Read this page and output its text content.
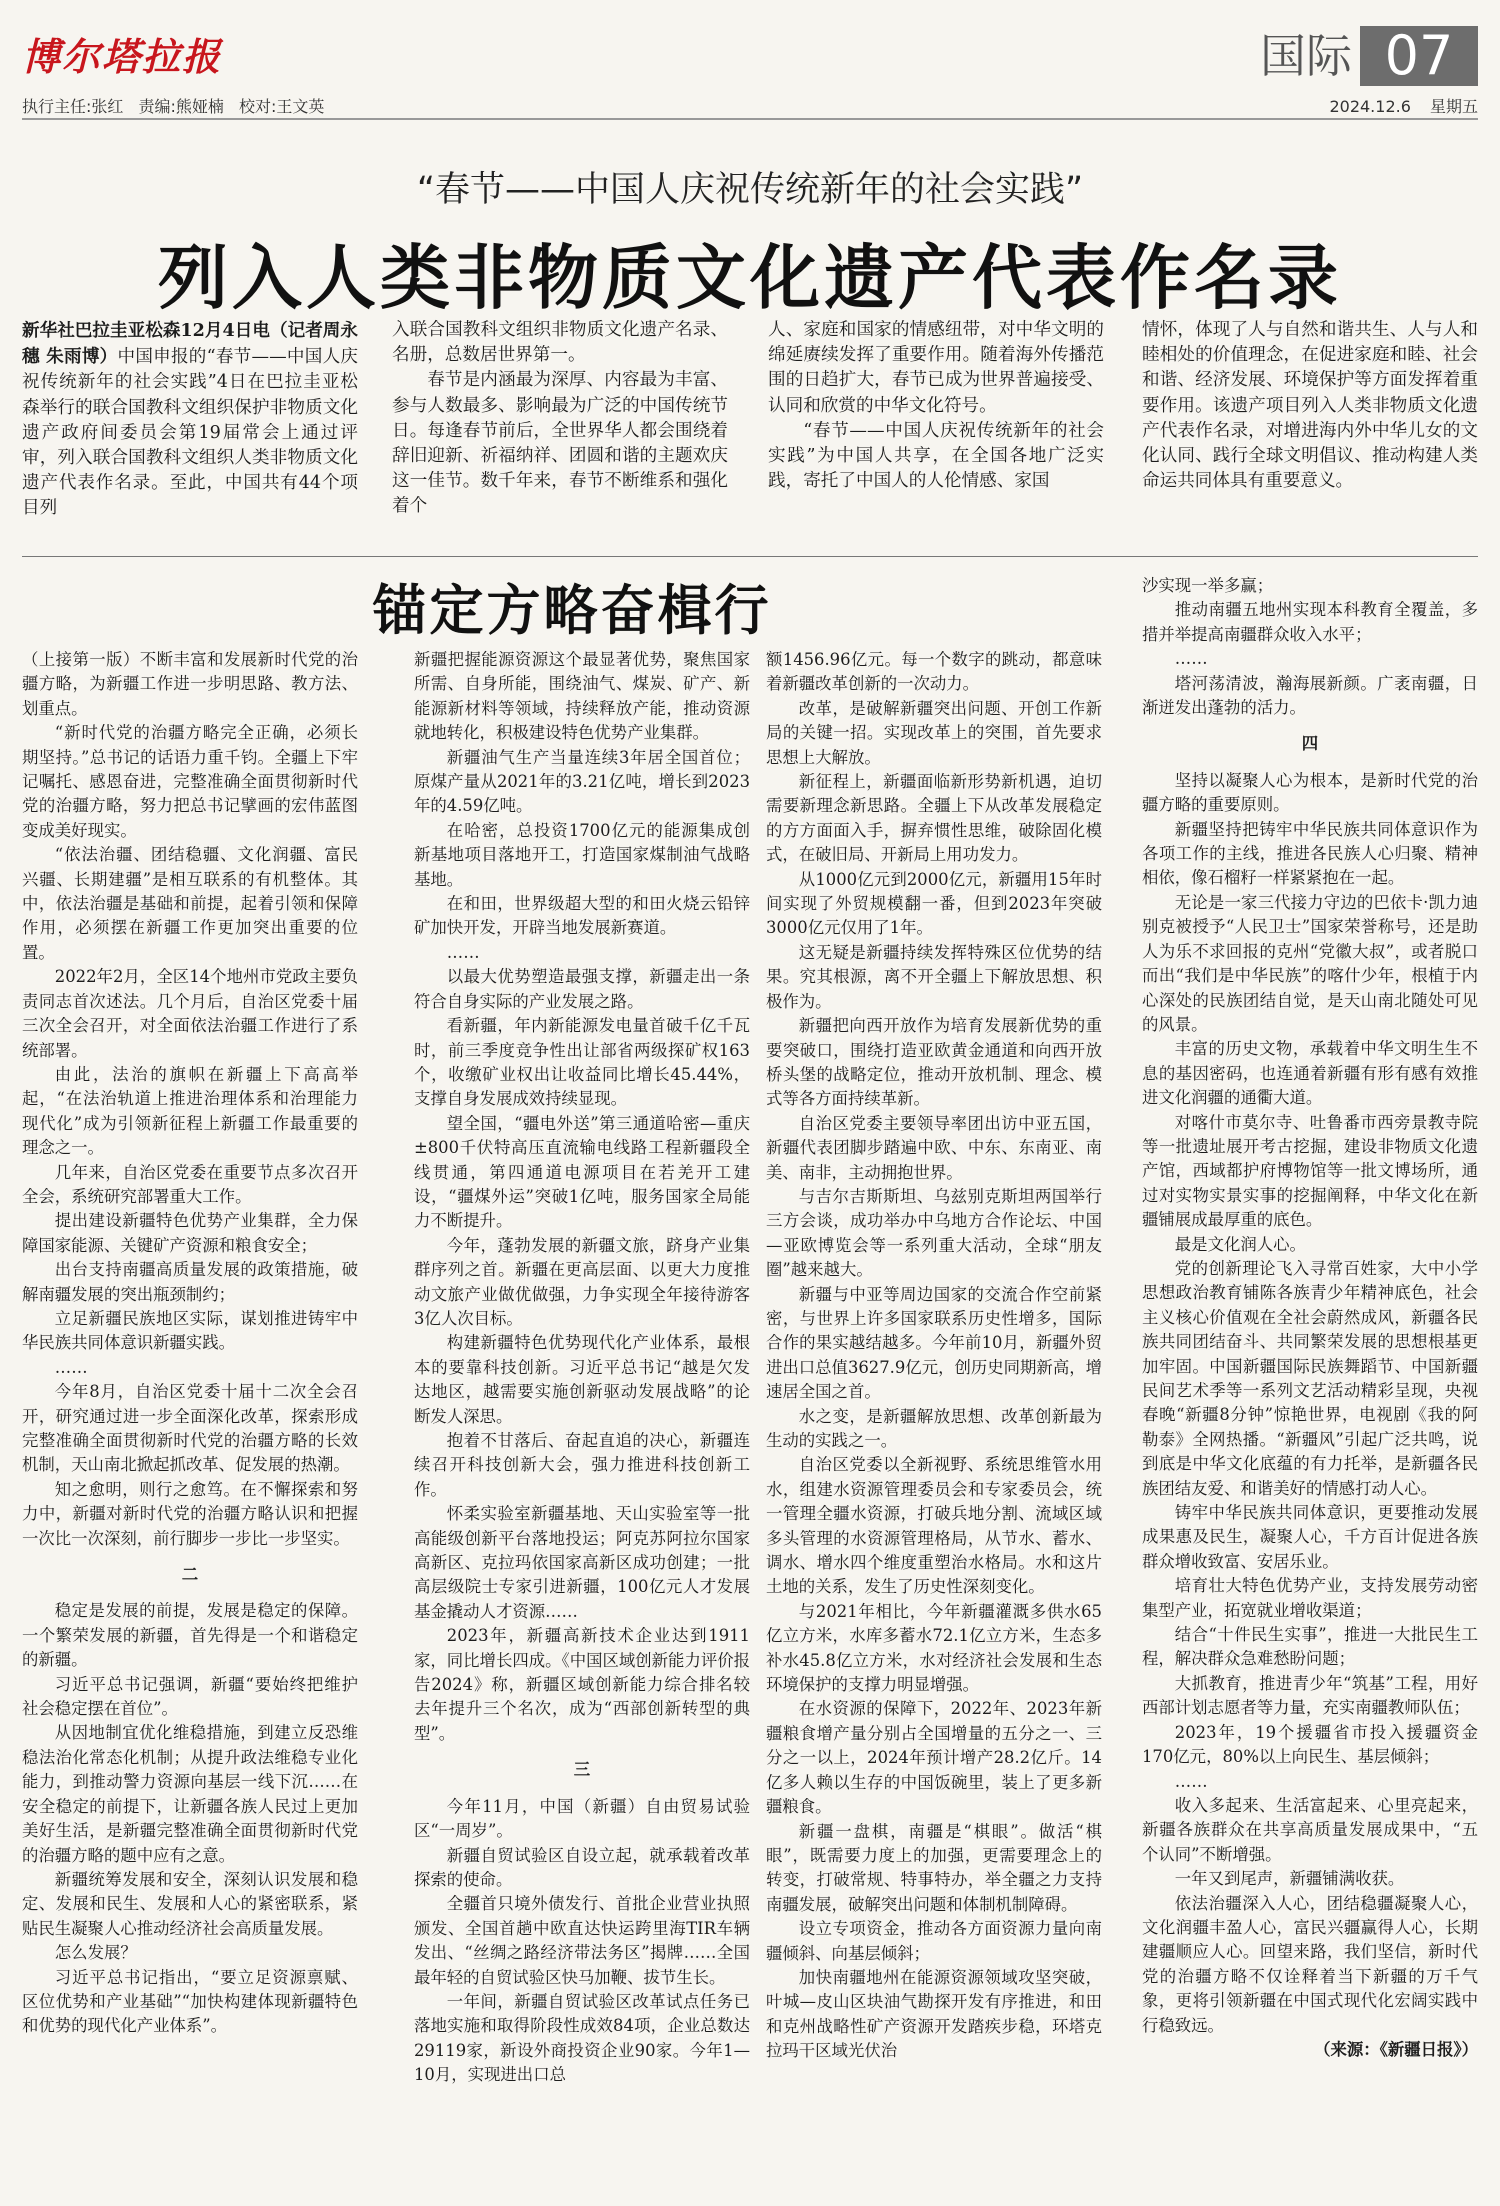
博尔塔拉报
执行主任:张红 责编:熊娅楠 校对:王文英
国际 07
2024.12.6 星期五
“春节——中国人庆祝传统新年的社会实践”
列入人类非物质文化遗产代表作名录

新华社巴拉圭亚松森12月4日电（记者周永穗 朱雨博）中国申报的“春节——中国人庆祝传统新年的社会实践”4日在巴拉圭亚松森举行的联合国教科文组织保护非物质文化遗产政府间委员会第19届常会上通过评审，列入联合国教科文组织人类非物质文化遗产代表作名录。至此，中国共有44个项目列

入联合国教科文组织非物质文化遗产名录、名册，总数居世界第一。

春节是内涵最为深厚、内容最为丰富、参与人数最多、影响最为广泛的中国传统节日。每逢春节前后，全世界华人都会围绕着辞旧迎新、祈福纳祥、团圆和谐的主题欢庆这一佳节。数千年来，春节不断维系和强化着个

人、家庭和国家的情感纽带，对中华文明的绵延赓续发挥了重要作用。随着海外传播范围的日趋扩大，春节已成为世界普遍接受、认同和欣赏的中华文化符号。

“春节——中国人庆祝传统新年的社会实践”为中国人共享，在全国各地广泛实践，寄托了中国人的人伦情感、家国

情怀，体现了人与自然和谐共生、人与人和睦相处的价值理念，在促进家庭和睦、社会和谐、经济发展、环境保护等方面发挥着重要作用。该遗产项目列入人类非物质文化遗产代表作名录，对增进海内外中华儿女的文化认同、践行全球文明倡议、推动构建人类命运共同体具有重要意义。

锚定方略奋楫行

（上接第一版）不断丰富和发展新时代党的治疆方略，为新疆工作进一步明思路、教方法、划重点。

“新时代党的治疆方略完全正确，必须长期坚持。”总书记的话语力重千钧。全疆上下牢记嘱托、感恩奋进，完整准确全面贯彻新时代党的治疆方略，努力把总书记擘画的宏伟蓝图变成美好现实。

“依法治疆、团结稳疆、文化润疆、富民兴疆、长期建疆”是相互联系的有机整体。其中，依法治疆是基础和前提，起着引领和保障作用，必须摆在新疆工作更加突出重要的位置。

2022年2月，全区14个地州市党政主要负责同志首次述法。几个月后，自治区党委十届三次全会召开，对全面依法治疆工作进行了系统部署。

由此，法治的旗帜在新疆上下高高举起，“在法治轨道上推进治理体系和治理能力现代化”成为引领新征程上新疆工作最重要的理念之一。

几年来，自治区党委在重要节点多次召开全会，系统研究部署重大工作。

提出建设新疆特色优势产业集群，全力保障国家能源、关键矿产资源和粮食安全；

出台支持南疆高质量发展的政策措施，破解南疆发展的突出瓶颈制约；

立足新疆民族地区实际，谋划推进铸牢中华民族共同体意识新疆实践。

……

今年8月，自治区党委十届十二次全会召开，研究通过进一步全面深化改革，探索形成完整准确全面贯彻新时代党的治疆方略的长效机制，天山南北掀起抓改革、促发展的热潮。

知之愈明，则行之愈笃。在不懈探索和努力中，新疆对新时代党的治疆方略认识和把握一次比一次深刻，前行脚步一步比一步坚实。

二

稳定是发展的前提，发展是稳定的保障。一个繁荣发展的新疆，首先得是一个和谐稳定的新疆。

习近平总书记强调，新疆“要始终把维护社会稳定摆在首位”。

从因地制宜优化维稳措施，到建立反恐维稳法治化常态化机制；从提升政法维稳专业化能力，到推动警力资源向基层一线下沉……在安全稳定的前提下，让新疆各族人民过上更加美好生活，是新疆完整准确全面贯彻新时代党的治疆方略的题中应有之意。

新疆统筹发展和安全，深刻认识发展和稳定、发展和民生、发展和人心的紧密联系，紧贴民生凝聚人心推动经济社会高质量发展。

怎么发展？

习近平总书记指出，“要立足资源禀赋、区位优势和产业基础”“加快构建体现新疆特色和优势的现代化产业体系”。

新疆把握能源资源这个最显著优势，聚焦国家所需、自身所能，围绕油气、煤炭、矿产、新能源新材料等领域，持续释放产能，推动资源就地转化，积极建设特色优势产业集群。

新疆油气生产当量连续3年居全国首位；原煤产量从2021年的3.21亿吨，增长到2023年的4.59亿吨。

在哈密，总投资1700亿元的能源集成创新基地项目落地开工，打造国家煤制油气战略基地。

在和田，世界级超大型的和田火烧云铅锌矿加快开发，开辟当地发展新赛道。

……

以最大优势塑造最强支撑，新疆走出一条符合自身实际的产业发展之路。

看新疆，年内新能源发电量首破千亿千瓦时，前三季度竞争性出让部省两级探矿权163个，收缴矿业权出让收益同比增长45.44%，支撑自身发展成效持续显现。

望全国，“疆电外送”第三通道哈密—重庆±800千伏特高压直流输电线路工程新疆段全线贯通，第四通道电源项目在若羌开工建设，“疆煤外运”突破1亿吨，服务国家全局能力不断提升。

今年，蓬勃发展的新疆文旅，跻身产业集群序列之首。新疆在更高层面、以更大力度推动文旅产业做优做强，力争实现全年接待游客3亿人次目标。

构建新疆特色优势现代化产业体系，最根本的要靠科技创新。习近平总书记“越是欠发达地区，越需要实施创新驱动发展战略”的论断发人深思。

抱着不甘落后、奋起直追的决心，新疆连续召开科技创新大会，强力推进科技创新工作。

怀柔实验室新疆基地、天山实验室等一批高能级创新平台落地投运；阿克苏阿拉尔国家高新区、克拉玛依国家高新区成功创建；一批高层级院士专家引进新疆，100亿元人才发展基金撬动人才资源……

2023年，新疆高新技术企业达到1911家，同比增长四成。《中国区域创新能力评价报告2024》称，新疆区域创新能力综合排名较去年提升三个名次，成为“西部创新转型的典型”。

三

今年11月，中国（新疆）自由贸易试验区“一周岁”。

新疆自贸试验区自设立起，就承载着改革探索的使命。

全疆首只境外债发行、首批企业营业执照颁发、全国首趟中欧直达快运跨里海TIR车辆发出、“丝绸之路经济带法务区”揭牌……全国最年轻的自贸试验区快马加鞭、拔节生长。

一年间，新疆自贸试验区改革试点任务已落地实施和取得阶段性成效84项，企业总数达29119家，新设外商投资企业90家。今年1—10月，实现进出口总

额1456.96亿元。每一个数字的跳动，都意味着新疆改革创新的一次动力。

改革，是破解新疆突出问题、开创工作新局的关键一招。实现改革上的突围，首先要求思想上大解放。

新征程上，新疆面临新形势新机遇，迫切需要新理念新思路。全疆上下从改革发展稳定的方方面面入手，摒弃惯性思维，破除固化模式，在破旧局、开新局上用功发力。

从1000亿元到2000亿元，新疆用15年时间实现了外贸规模翻一番，但到2023年突破3000亿元仅用了1年。

这无疑是新疆持续发挥特殊区位优势的结果。究其根源，离不开全疆上下解放思想、积极作为。

新疆把向西开放作为培育发展新优势的重要突破口，围绕打造亚欧黄金通道和向西开放桥头堡的战略定位，推动开放机制、理念、模式等各方面持续革新。

自治区党委主要领导率团出访中亚五国，新疆代表团脚步踏遍中欧、中东、东南亚、南美、南非，主动拥抱世界。

与吉尔吉斯斯坦、乌兹别克斯坦两国举行三方会谈，成功举办中乌地方合作论坛、中国—亚欧博览会等一系列重大活动，全球“朋友圈”越来越大。

新疆与中亚等周边国家的交流合作空前紧密，与世界上许多国家联系历史性增多，国际合作的果实越结越多。今年前10月，新疆外贸进出口总值3627.9亿元，创历史同期新高，增速居全国之首。

水之变，是新疆解放思想、改革创新最为生动的实践之一。

自治区党委以全新视野、系统思维管水用水，组建水资源管理委员会和专家委员会，统一管理全疆水资源，打破兵地分割、流域区域多头管理的水资源管理格局，从节水、蓄水、调水、增水四个维度重塑治水格局。水和这片土地的关系，发生了历史性深刻变化。

与2021年相比，今年新疆灌溉多供水65亿立方米，水库多蓄水72.1亿立方米，生态多补水45.8亿立方米，水对经济社会发展和生态环境保护的支撑力明显增强。

在水资源的保障下，2022年、2023年新疆粮食增产量分别占全国增量的五分之一、三分之一以上，2024年预计增产28.2亿斤。14亿多人赖以生存的中国饭碗里，装上了更多新疆粮食。

新疆一盘棋，南疆是“棋眼”。做活“棋眼”，既需要力度上的加强，更需要理念上的转变，打破常规、特事特办，举全疆之力支持南疆发展，破解突出问题和体制机制障碍。

设立专项资金，推动各方面资源力量向南疆倾斜、向基层倾斜；

加快南疆地州在能源资源领域攻坚突破，叶城—皮山区块油气勘探开发有序推进，和田和克州战略性矿产资源开发踏疾步稳，环塔克拉玛干区域光伏治

沙实现一举多赢；

推动南疆五地州实现本科教育全覆盖，多措并举提高南疆群众收入水平；

……

塔河荡清波，瀚海展新颜。广袤南疆，日渐迸发出蓬勃的活力。

四

坚持以凝聚人心为根本，是新时代党的治疆方略的重要原则。

新疆坚持把铸牢中华民族共同体意识作为各项工作的主线，推进各民族人心归聚、精神相依，像石榴籽一样紧紧抱在一起。

无论是一家三代接力守边的巴依卡·凯力迪别克被授予“人民卫士”国家荣誉称号，还是助人为乐不求回报的克州“党徽大叔”，或者脱口而出“我们是中华民族”的喀什少年，根植于内心深处的民族团结自觉，是天山南北随处可见的风景。

丰富的历史文物，承载着中华文明生生不息的基因密码，也连通着新疆有形有感有效推进文化润疆的通衢大道。

对喀什市莫尔寺、吐鲁番市西旁景教寺院等一批遗址展开考古挖掘，建设非物质文化遗产馆，西域都护府博物馆等一批文博场所，通过对实物实景实事的挖掘阐释，中华文化在新疆铺展成最厚重的底色。

最是文化润人心。

党的创新理论飞入寻常百姓家，大中小学思想政治教育铺陈各族青少年精神底色，社会主义核心价值观在全社会蔚然成风，新疆各民族共同团结奋斗、共同繁荣发展的思想根基更加牢固。中国新疆国际民族舞蹈节、中国新疆民间艺术季等一系列文艺活动精彩呈现，央视春晚“新疆8分钟”惊艳世界，电视剧《我的阿勒泰》全网热播。“新疆风”引起广泛共鸣，说到底是中华文化底蕴的有力托举，是新疆各民族团结友爱、和谐美好的情感打动人心。

铸牢中华民族共同体意识，更要推动发展成果惠及民生，凝聚人心，千方百计促进各族群众增收致富、安居乐业。

培育壮大特色优势产业，支持发展劳动密集型产业，拓宽就业增收渠道；

结合“十件民生实事”，推进一大批民生工程，解决群众急难愁盼问题；

大抓教育，推进青少年“筑基”工程，用好西部计划志愿者等力量，充实南疆教师队伍；

2023年，19个援疆省市投入援疆资金170亿元，80%以上向民生、基层倾斜；

……

收入多起来、生活富起来、心里亮起来，新疆各族群众在共享高质量发展成果中，“五个认同”不断增强。

一年又到尾声，新疆铺满收获。

依法治疆深入人心，团结稳疆凝聚人心，文化润疆丰盈人心，富民兴疆赢得人心，长期建疆顺应人心。回望来路，我们坚信，新时代党的治疆方略不仅诠释着当下新疆的万千气象，更将引领新疆在中国式现代化宏阔实践中行稳致远。

（来源：《新疆日报》）
